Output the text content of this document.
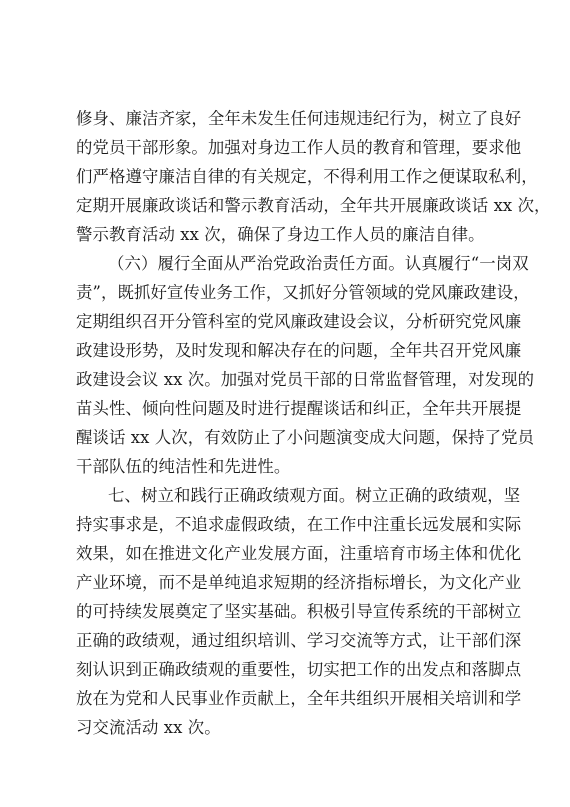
修身、廉洁齐家，全年未发生任何违规违纪行为，树立了良好
的党员干部形象。加强对身边工作人员的教育和管理，要求他
们严格遵守廉洁自律的有关规定，不得利用工作之便谋取私利，
定期开展廉政谈话和警示教育活动，全年共开展廉政谈话 xx 次，
警示教育活动 xx 次，确保了身边工作人员的廉洁自律。
（六）履行全面从严治党政治责任方面。认真履行“一岗双
责”，既抓好宣传业务工作，又抓好分管领域的党风廉政建设，
定期组织召开分管科室的党风廉政建设会议，分析研究党风廉
政建设形势，及时发现和解决存在的问题，全年共召开党风廉
政建设会议 xx 次。加强对党员干部的日常监督管理，对发现的
苗头性、倾向性问题及时进行提醒谈话和纠正，全年共开展提
醒谈话 xx 人次，有效防止了小问题演变成大问题，保持了党员
干部队伍的纯洁性和先进性。
七、树立和践行正确政绩观方面。树立正确的政绩观，坚
持实事求是，不追求虚假政绩，在工作中注重长远发展和实际
效果，如在推进文化产业发展方面，注重培育市场主体和优化
产业环境，而不是单纯追求短期的经济指标增长，为文化产业
的可持续发展奠定了坚实基础。积极引导宣传系统的干部树立
正确的政绩观，通过组织培训、学习交流等方式，让干部们深
刻认识到正确政绩观的重要性，切实把工作的出发点和落脚点
放在为党和人民事业作贡献上，全年共组织开展相关培训和学
习交流活动 xx 次。
